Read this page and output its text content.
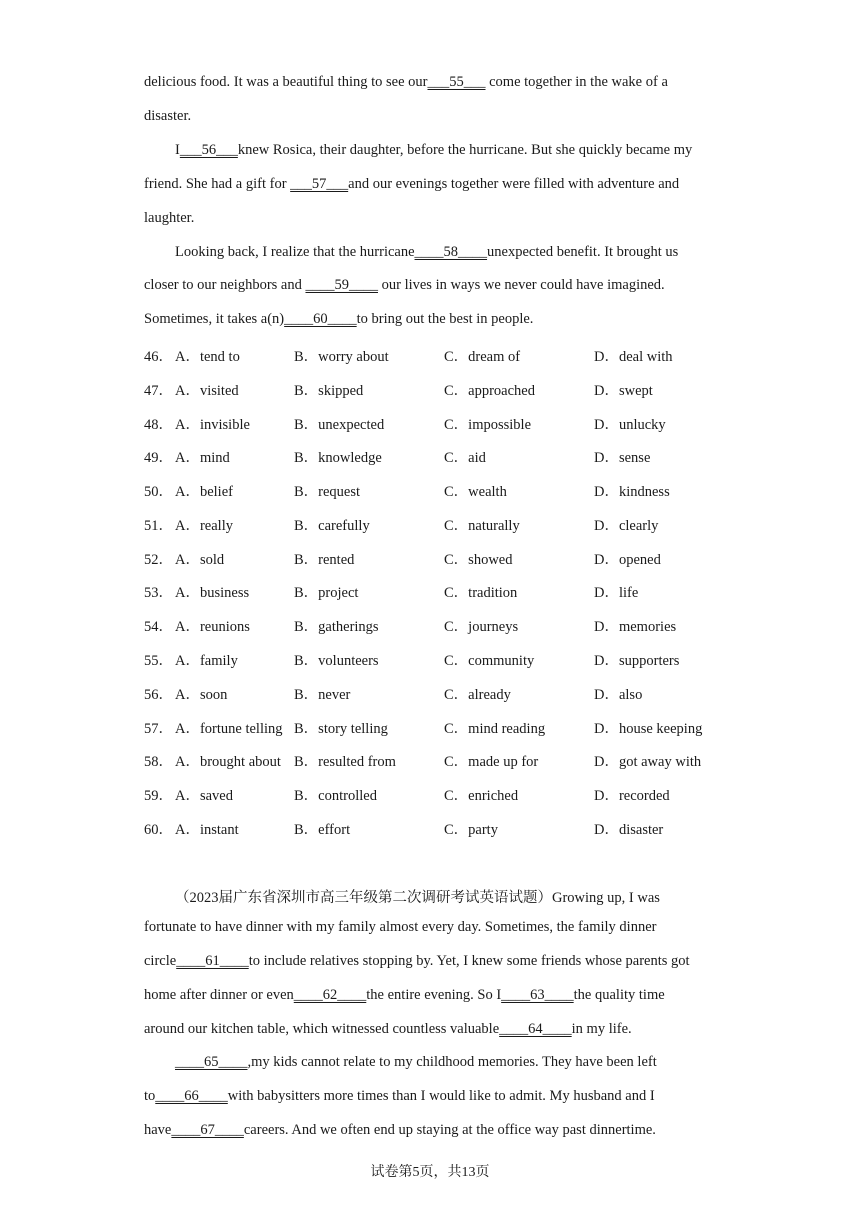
delicious food. It was a beautiful thing to see our___55___ come together in the wake of a
disaster.
I___56___knew Rosica, their daughter, before the hurricane. But she quickly became my
friend. She had a gift for ___57___and our evenings together were filled with adventure and
laughter.
Looking back, I realize that the hurricane____58____unexpected benefit. It brought us
closer to our neighbors and ____59____ our lives in ways we never could have imagined.
Sometimes, it takes a(n)____60____to bring out the best in people.
46． A．tend to	B．worry about	C．dream of	D．deal with
47． A．visited	B．skipped	C．approached	D．swept
48． A．invisible	B．unexpected	C．impossible	D．unlucky
49． A．mind	B．knowledge	C．aid	D．sense
50． A．belief	B．request	C．wealth	D．kindness
51． A．really	B．carefully	C．naturally	D．clearly
52． A．sold	B．rented	C．showed	D．opened
53． A．business	B．project	C．tradition	D．life
54． A．reunions	B．gatherings	C．journeys	D．memories
55． A．family	B．volunteers	C．community	D．supporters
56． A．soon	B．never	C．already	D．also
57． A．fortune telling B．story telling	C．mind reading	D．house keeping
58． A．brought about B．resulted from	C．made up for	D．got away with
59． A．saved	B．controlled	C．enriched	D．recorded
60． A．instant	B．effort	C．party	D．disaster
（2023届广东省深圳市高三年级第二次调研考试英语试题）Growing up, I was
fortunate to have dinner with my family almost every day. Sometimes, the family dinner
circle____61____to include relatives stopping by. Yet, I knew some friends whose parents got
home after dinner or even____62____the entire evening. So I____63____the quality time
around our kitchen table, which witnessed countless valuable____64____in my life.
____65____,my kids cannot relate to my childhood memories. They have been left
to____66____with babysitters more times than I would like to admit. My husband and I
have____67____careers. And we often end up staying at the office way past dinnertime.
试卷第5页，共13页
